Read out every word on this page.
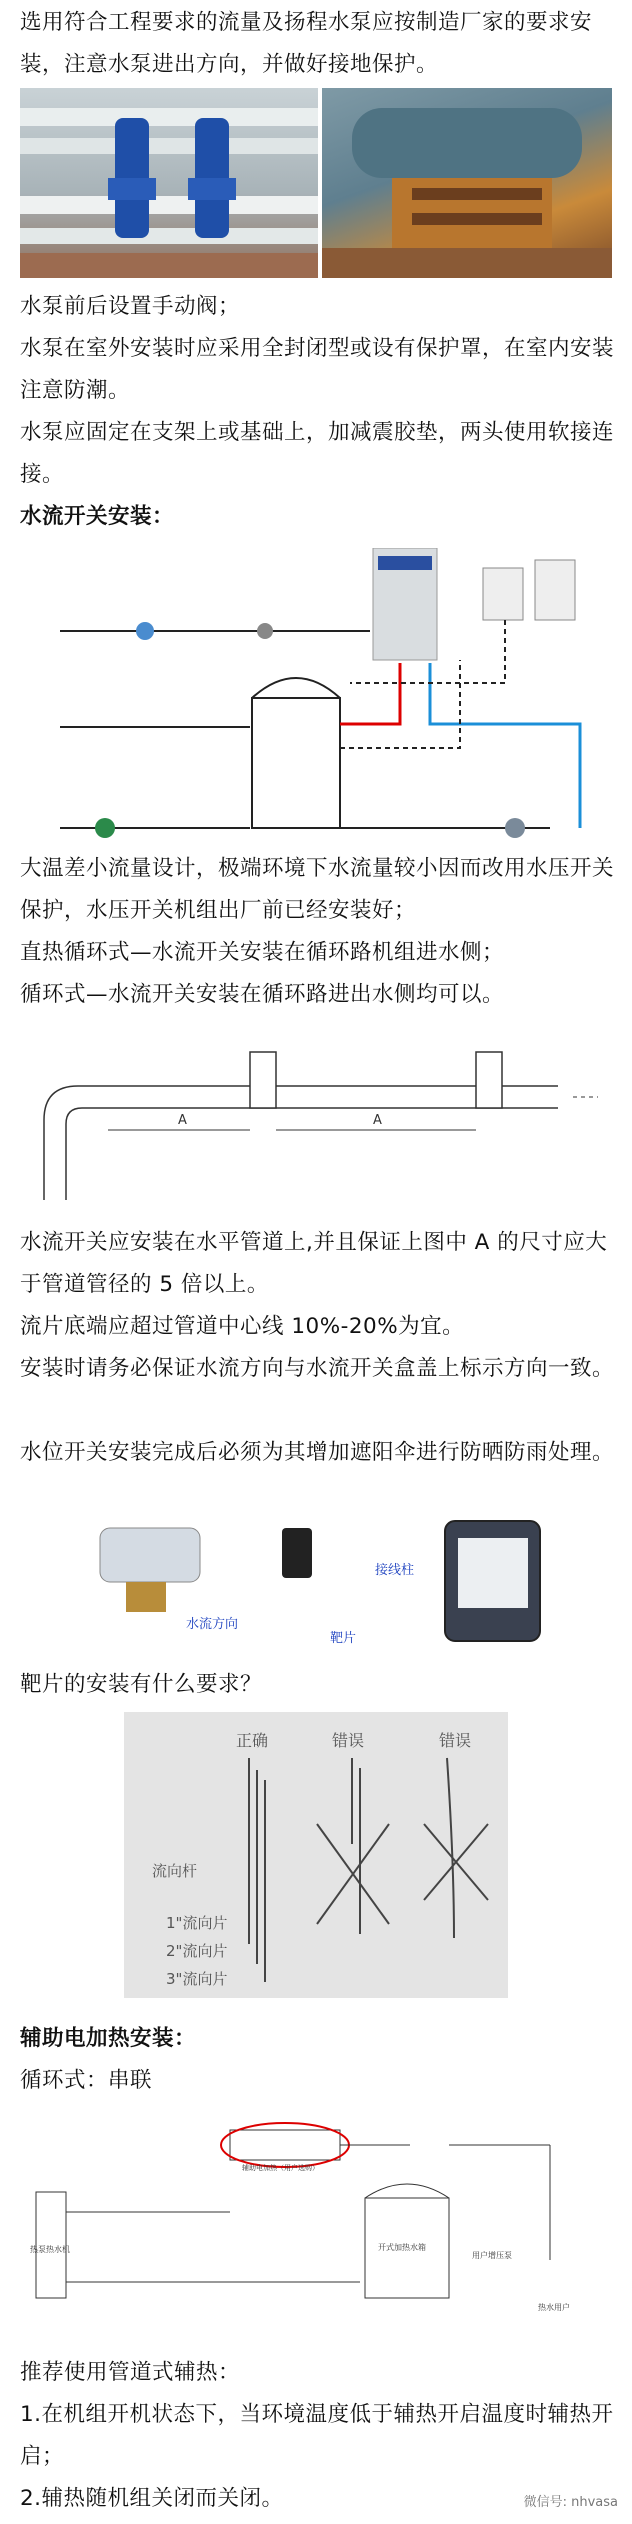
选用符合工程要求的流量及扬程水泵应按制造厂家的要求安装，注意水泵进出方向，并做好接地保护。
水泵前后设置手动阀；
水泵在室外安装时应采用全封闭型或设有保护罩，在室内安装注意防潮。
水泵应固定在支架上或基础上，加减震胶垫，两头使用软接连接。
水流开关安装：
大温差小流量设计，极端环境下水流量较小因而改用水压开关保护，水压开关机组出厂前已经安装好；
直热循环式—水流开关安装在循环路机组进水侧；
循环式—水流开关安装在循环路进出水侧均可以。
A	A
水流开关应安装在水平管道上,并且保证上图中 A 的尺寸应大于管道管径的 5 倍以上。
流片底端应超过管道中心线 10%-20%为宜。
安装时请务必保证水流方向与水流开关盒盖上标示方向一致。
水位开关安装完成后必须为其增加遮阳伞进行防晒防雨处理。
水流方向
靶片
接线柱
靶片的安装有什么要求？
正确	错误	错误
流向杆
1"流向片
2"流向片
3"流向片
辅助电加热安装：
循环式：串联
热泵热水机
辅助电加热（用户选购）
开式加热水箱
热水用户
用户增压泵
推荐使用管道式辅热：
1.在机组开机状态下，当环境温度低于辅热开启温度时辅热开启；
2.辅热随机组关闭而关闭。	微信号: nhvasa
